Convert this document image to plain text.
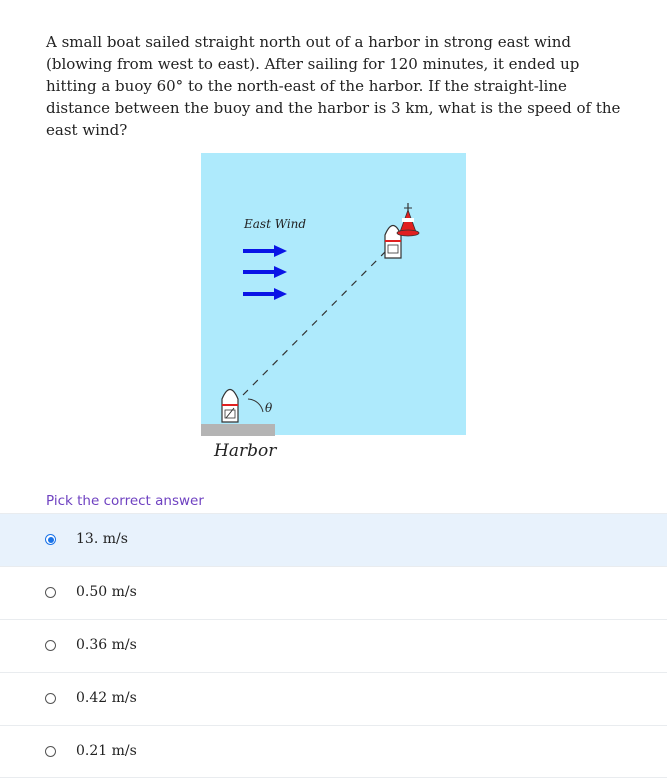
A small boat sailed straight north out of a harbor in strong east wind (blowing from west to east). After sailing for 120 minutes, it ended up hitting a buoy 60° to the north-east of the harbor. If the straight-line distance between the buoy and the harbor is 3 km, what is the speed of the east wind?

East Wind
θ
Harbor

Pick the correct answer

13. m/s
0.50 m/s
0.36 m/s
0.42 m/s
0.21 m/s
